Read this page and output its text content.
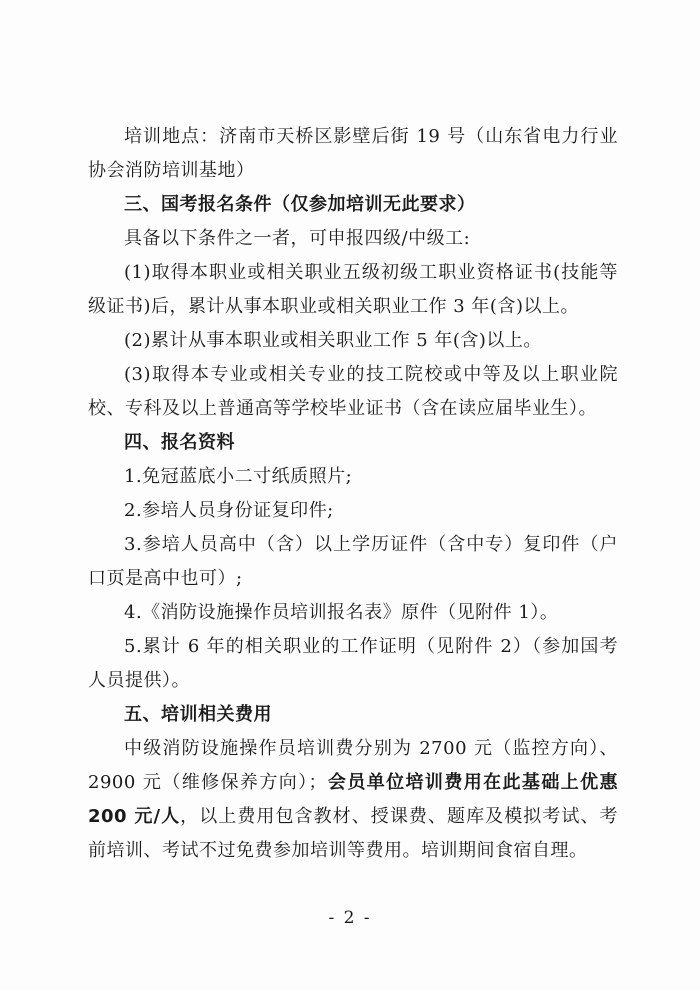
培训地点：济南市天桥区影壁后街 19 号（山东省电力行业协会消防培训基地）

三、国考报名条件（仅参加培训无此要求）

具备以下条件之一者，可申报四级/中级工:

(1)取得本职业或相关职业五级初级工职业资格证书(技能等级证书)后，累计从事本职业或相关职业工作 3 年(含)以上。

(2)累计从事本职业或相关职业工作 5 年(含)以上。

(3)取得本专业或相关专业的技工院校或中等及以上职业院校、专科及以上普通高等学校毕业证书（含在读应届毕业生）。

四、报名资料

1.免冠蓝底小二寸纸质照片;

2.参培人员身份证复印件;

3.参培人员高中（含）以上学历证件（含中专）复印件（户口页是高中也可）;

4.《消防设施操作员培训报名表》原件（见附件 1）。

5.累计 6 年的相关职业的工作证明（见附件 2）（参加国考人员提供）。

五、培训相关费用

中级消防设施操作员培训费分别为 2700 元（监控方向）、2900 元（维修保养方向）；会员单位培训费用在此基础上优惠 200 元/人，以上费用包含教材、授课费、题库及模拟考试、考前培训、考试不过免费参加培训等费用。培训期间食宿自理。

- 2 -
